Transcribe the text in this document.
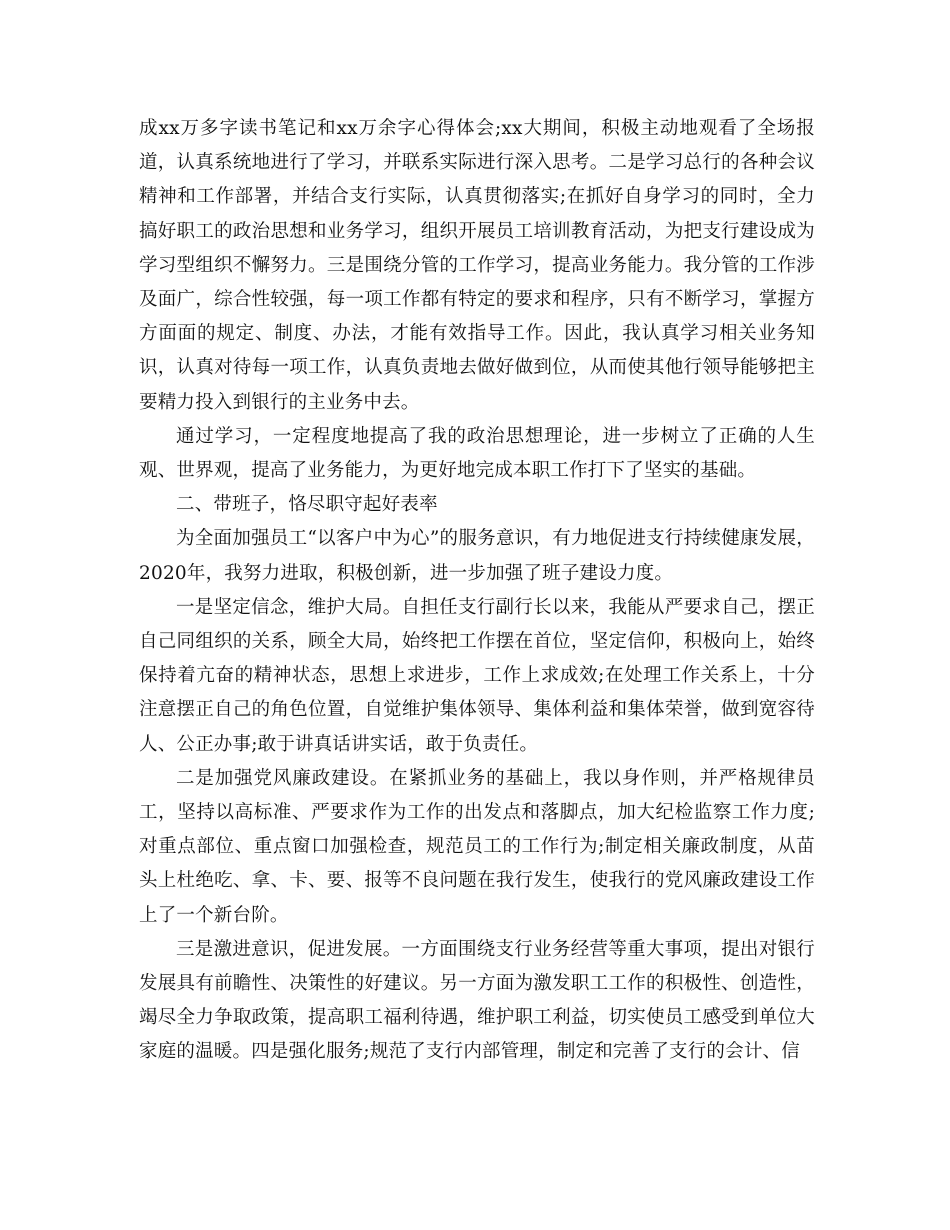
成xx万多字读书笔记和xx万余字心得体会;xx大期间，积极主动地观看了全场报道，认真系统地进行了学习，并联系实际进行深入思考。二是学习总行的各种会议精神和工作部署，并结合支行实际，认真贯彻落实;在抓好自身学习的同时，全力搞好职工的政治思想和业务学习，组织开展员工培训教育活动，为把支行建设成为学习型组织不懈努力。三是围绕分管的工作学习，提高业务能力。我分管的工作涉及面广，综合性较强，每一项工作都有特定的要求和程序，只有不断学习，掌握方方面面的规定、制度、办法，才能有效指导工作。因此，我认真学习相关业务知识，认真对待每一项工作，认真负责地去做好做到位，从而使其他行领导能够把主要精力投入到银行的主业务中去。

通过学习，一定程度地提高了我的政治思想理论，进一步树立了正确的人生观、世界观，提高了业务能力，为更好地完成本职工作打下了坚实的基础。

二、带班子，恪尽职守起好表率

为全面加强员工“以客户中为心”的服务意识，有力地促进支行持续健康发展，2020年，我努力进取，积极创新，进一步加强了班子建设力度。

一是坚定信念，维护大局。自担任支行副行长以来，我能从严要求自己，摆正自己同组织的关系，顾全大局，始终把工作摆在首位，坚定信仰，积极向上，始终保持着亢奋的精神状态，思想上求进步，工作上求成效;在处理工作关系上，十分注意摆正自己的角色位置，自觉维护集体领导、集体利益和集体荣誉，做到宽容待人、公正办事;敢于讲真话讲实话，敢于负责任。

二是加强党风廉政建设。在紧抓业务的基础上，我以身作则，并严格规律员工，坚持以高标准、严要求作为工作的出发点和落脚点，加大纪检监察工作力度;对重点部位、重点窗口加强检查，规范员工的工作行为;制定相关廉政制度，从苗头上杜绝吃、拿、卡、要、报等不良问题在我行发生，使我行的党风廉政建设工作上了一个新台阶。

三是激进意识，促进发展。一方面围绕支行业务经营等重大事项，提出对银行发展具有前瞻性、决策性的好建议。另一方面为激发职工工作的积极性、创造性，竭尽全力争取政策，提高职工福利待遇，维护职工利益，切实使员工感受到单位大家庭的温暖。四是强化服务;规范了支行内部管理，制定和完善了支行的会计、信
